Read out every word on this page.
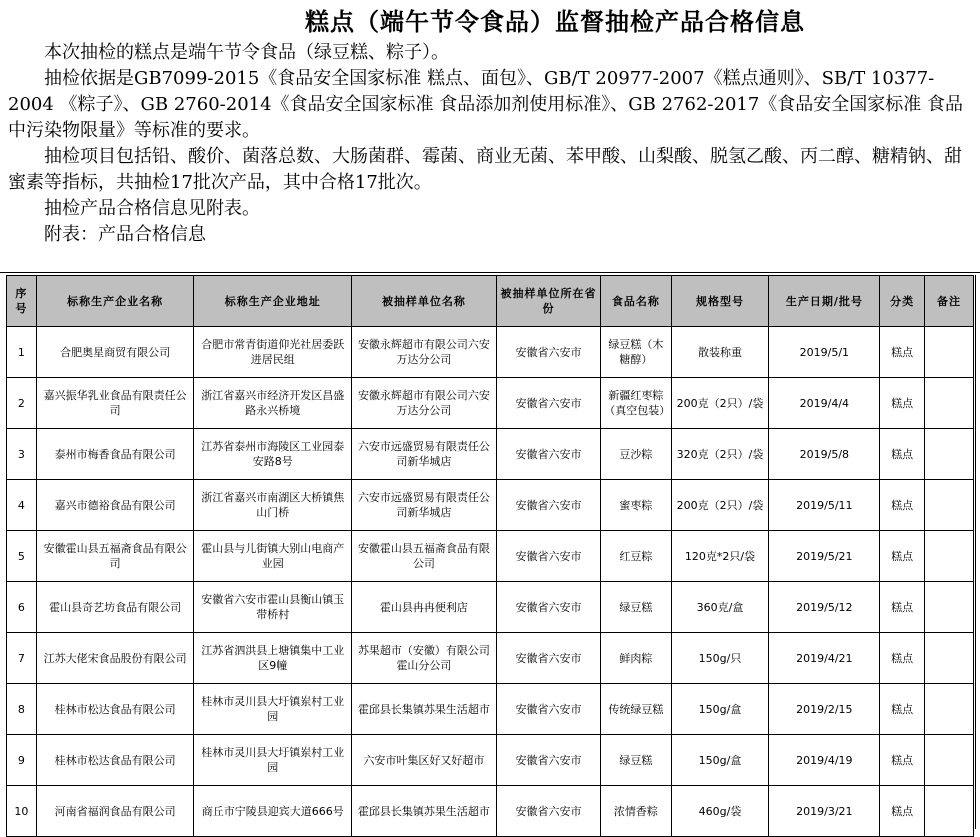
糕点（端午节令食品）监督抽检产品合格信息

本次抽检的糕点是端午节令食品（绿豆糕、粽子）。

抽检依据是GB7099-2015《食品安全国家标准 糕点、面包》、GB/T 20977-2007《糕点通则》、SB/T 10377-2004 《粽子》、GB 2760-2014《食品安全国家标准 食品添加剂使用标准》、GB 2762-2017《食品安全国家标准 食品中污染物限量》等标准的要求。

抽检项目包括铅、酸价、菌落总数、大肠菌群、霉菌、商业无菌、苯甲酸、山梨酸、脱氢乙酸、丙二醇、糖精钠、甜蜜素等指标，共抽检17批次产品，其中合格17批次。

抽检产品合格信息见附表。

附表：产品合格信息

序号	标称生产企业名称	标称生产企业地址	被抽样单位名称	被抽样单位所在省份	食品名称	规格型号	生产日期/批号	分类	备注
1	合肥奥星商贸有限公司	合肥市常青街道仰光社居委跃进居民组	安徽永辉超市有限公司六安万达分公司	安徽省六安市	绿豆糕（木糖醇）	散装称重	2019/5/1	糕点	
2	嘉兴振华乳业食品有限责任公司	浙江省嘉兴市经济开发区昌盛路永兴桥境	安徽永辉超市有限公司六安万达分公司	安徽省六安市	新疆红枣粽（真空包装）	200克（2只）/袋	2019/4/4	糕点	
3	泰州市梅香食品有限公司	江苏省泰州市海陵区工业园泰安路8号	六安市远盛贸易有限责任公司新华城店	安徽省六安市	豆沙粽	320克（2只）/袋	2019/5/8	糕点	
4	嘉兴市德裕食品有限公司	浙江省嘉兴市南湖区大桥镇焦山门桥	六安市远盛贸易有限责任公司新华城店	安徽省六安市	蜜枣粽	200克（2只）/袋	2019/5/11	糕点	
5	安徽霍山县五福斋食品有限公司	霍山县与儿街镇大别山电商产业园	安徽霍山县五福斋食品有限公司	安徽省六安市	红豆粽	120克*2只/袋	2019/5/21	糕点	
6	霍山县奇艺坊食品有限公司	安徽省六安市霍山县衡山镇玉带桥村	霍山县冉冉便利店	安徽省六安市	绿豆糕	360克/盒	2019/5/12	糕点	
7	江苏大佬宋食品股份有限公司	江苏省泗洪县上塘镇集中工业区9幢	苏果超市（安徽）有限公司霍山分公司	安徽省六安市	鲜肉粽	150g/只	2019/4/21	糕点	
8	桂林市松达食品有限公司	桂林市灵川县大圩镇岽村工业园	霍邱县长集镇苏果生活超市	安徽省六安市	传统绿豆糕	150g/盒	2019/2/15	糕点	
9	桂林市松达食品有限公司	桂林市灵川县大圩镇岽村工业园	六安市叶集区好又好超市	安徽省六安市	绿豆糕	150g/盒	2019/4/19	糕点	
10	河南省福润食品有限公司	商丘市宁陵县迎宾大道666号	霍邱县长集镇苏果生活超市	安徽省六安市	浓情香粽	460g/袋	2019/3/21	糕点	
